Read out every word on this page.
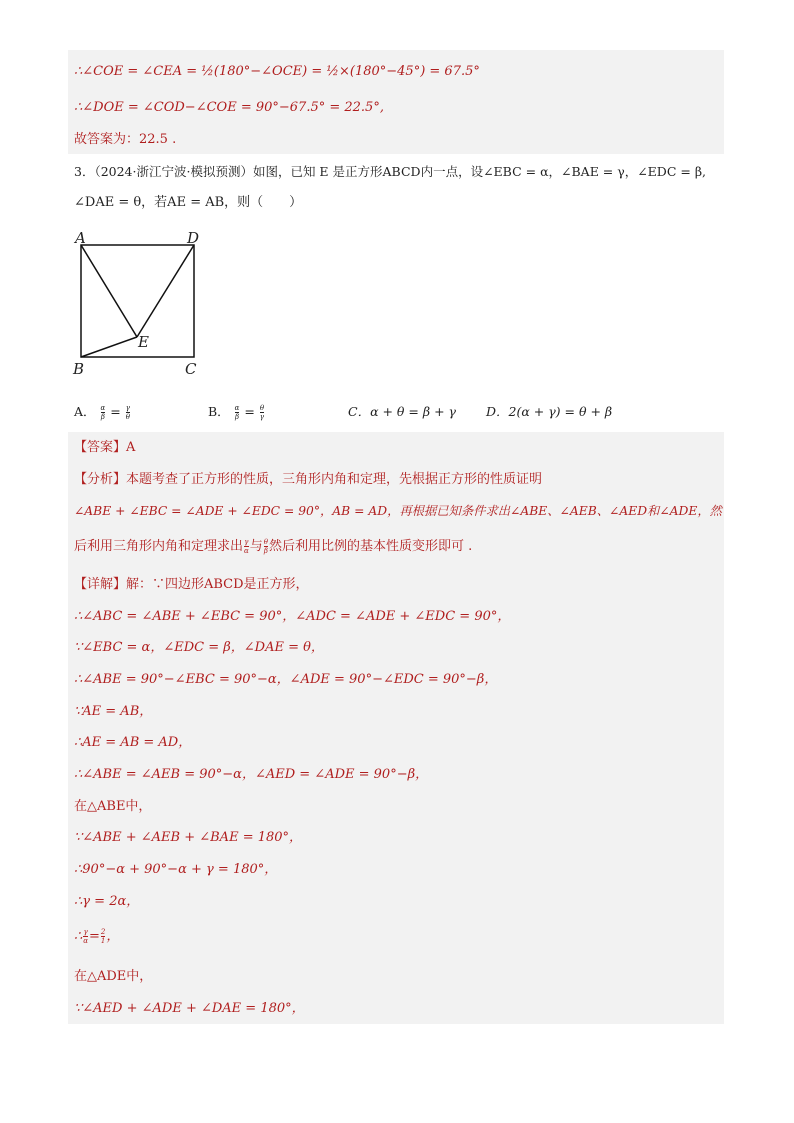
∴∠COE = ∠CEA = ½(180°−∠OCE) = ½×(180°−45°) = 67.5°
∴∠DOE = ∠COD−∠COE = 90°−67.5° = 22.5°,
故答案为：22.5 .
3．（2024·浙江宁波·模拟预测）如图，已知 E 是正方形ABCD内一点，设∠EBC = α，∠BAE = γ，∠EDC = β,
∠DAE = θ，若AE = AB，则（　　）
A	D
B	C
E
A． $\frac{\alpha}{\beta} = \frac{\gamma}{\theta}$	B． $\frac{\alpha}{\beta} = \frac{\theta}{\gamma}$	C．α + θ = β + γ D．2(α + γ) = θ + β
【答案】A
【分析】本题考查了正方形的性质，三角形内角和定理，先根据正方形的性质证明
∠ABE + ∠EBC = ∠ADE + ∠EDC = 90°，AB = AD，再根据已知条件求出∠ABE、∠AEB、∠AED和∠ADE，然
后利用三角形内角和定理求出 $\frac{\gamma}{\alpha}$ 与 $\frac{\theta}{\beta}$ 然后利用比例的基本性质变形即可 .
【详解】解：∵四边形ABCD是正方形，
∴∠ABC = ∠ABE + ∠EBC = 90°，∠ADC = ∠ADE + ∠EDC = 90°，
∵∠EBC = α，∠EDC = β，∠DAE = θ，
∴∠ABE = 90°−∠EBC = 90°−α，∠ADE = 90°−∠EDC = 90°−β，
∵AE = AB，
∴AE = AB = AD，
∴∠ABE = ∠AEB = 90°−α，∠AED = ∠ADE = 90°−β，
在△ABE中，
∵∠ABE + ∠AEB + ∠BAE = 180°，
∴90°−α + 90°−α + γ = 180°，
∴γ = 2α，
∴ $\frac{\gamma}{\alpha} = \frac{2}{1}$ ，
在△ADE中，
∵∠AED + ∠ADE + ∠DAE = 180°，
